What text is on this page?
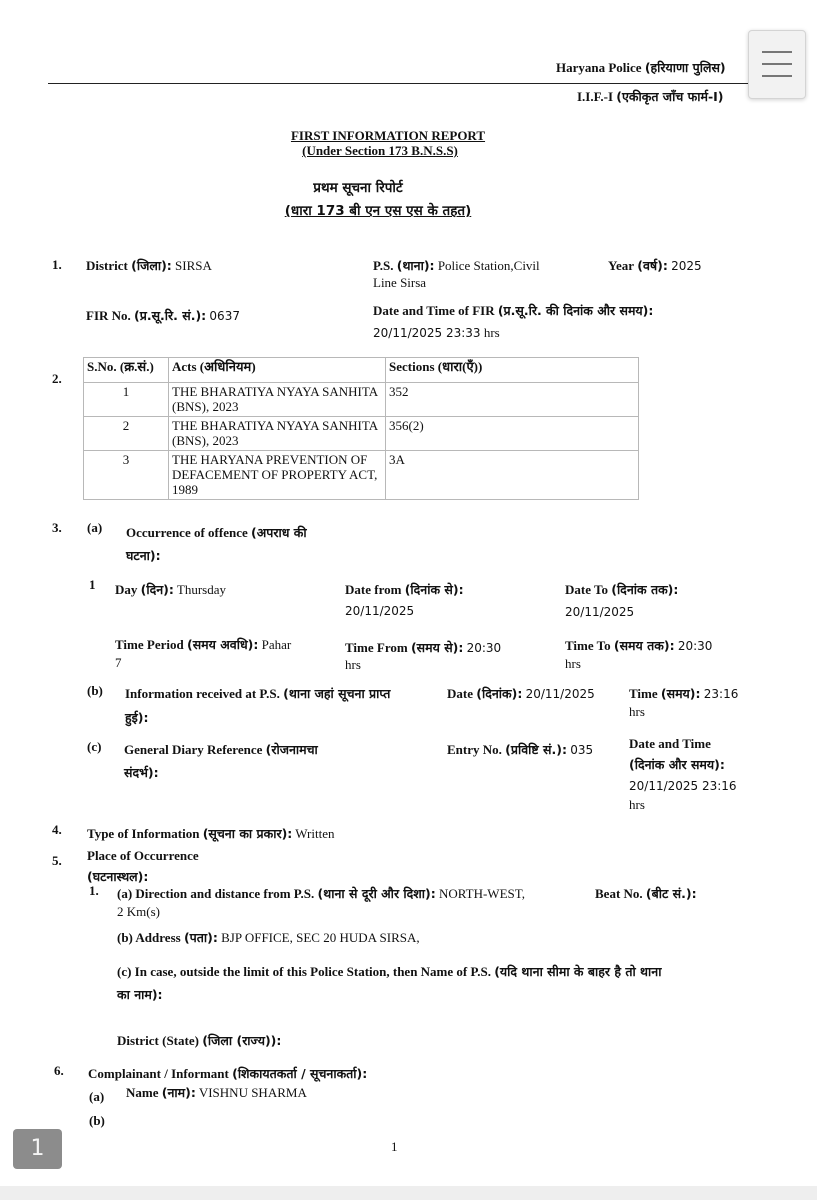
Haryana Police (हरियाणा पुलिस)
I.I.F.-I (एकीकृत जाँच फार्म-I)
FIRST INFORMATION REPORT
(Under Section 173 B.N.S.S)
प्रथम सूचना रिपोर्ट
(धारा 173 बी एन एस एस के तहत)
1. District (जिला): SIRSA	P.S. (थाना): Police Station,Civil
Line Sirsa
Year (वर्ष): 2025
FIR No. (प्र.सू.रि. सं.): 0637	Date and Time of FIR (प्र.सू.रि. की दिनांक और समय):
20/11/2025 23:33 hrs
2.
S.No. (क्र.सं.)	Acts (अधिनियम)	Sections (धारा(एँ))
1	THE BHARATIYA NYAYA SANHITA (BNS), 2023	352
2	THE BHARATIYA NYAYA SANHITA (BNS), 2023	356(2)
3	THE HARYANA PREVENTION OF DEFACEMENT OF PROPERTY ACT, 1989	3A
3. (a) Occurrence of offence (अपराध की
घटना):
1 Day (दिन): Thursday	Date from (दिनांक से):
20/11/2025
Date To (दिनांक तक):
20/11/2025
Time Period (समय अवधि): Pahar
7
Time From (समय से): 20:30
hrs
Time To (समय तक): 20:30
hrs
(b) Information received at P.S. (थाना जहां सूचना प्राप्त
हुई):
Date (दिनांक): 20/11/2025	Time (समय): 23:16
hrs
(c) General Diary Reference (रोजनामचा
संदर्भ):
Entry No. (प्रविष्टि सं.): 035	Date and Time
(दिनांक और समय):
20/11/2025 23:16
hrs
4. Type of Information (सूचना का प्रकार): Written
5. Place of Occurrence
(घटनास्थल):
1. (a) Direction and distance from P.S. (थाना से दूरी और दिशा): NORTH-WEST,
2 Km(s)
Beat No. (बीट सं.):
(b) Address (पता): BJP OFFICE, SEC 20 HUDA SIRSA,
(c) In case, outside the limit of this Police Station, then Name of P.S. (यदि थाना सीमा के बाहर है तो थाना
का नाम):
District (State) (जिला (राज्य)):
6. Complainant / Informant (शिकायतकर्ता / सूचनाकर्ता):
(a) Name (नाम): VISHNU SHARMA
(b)
1
1
